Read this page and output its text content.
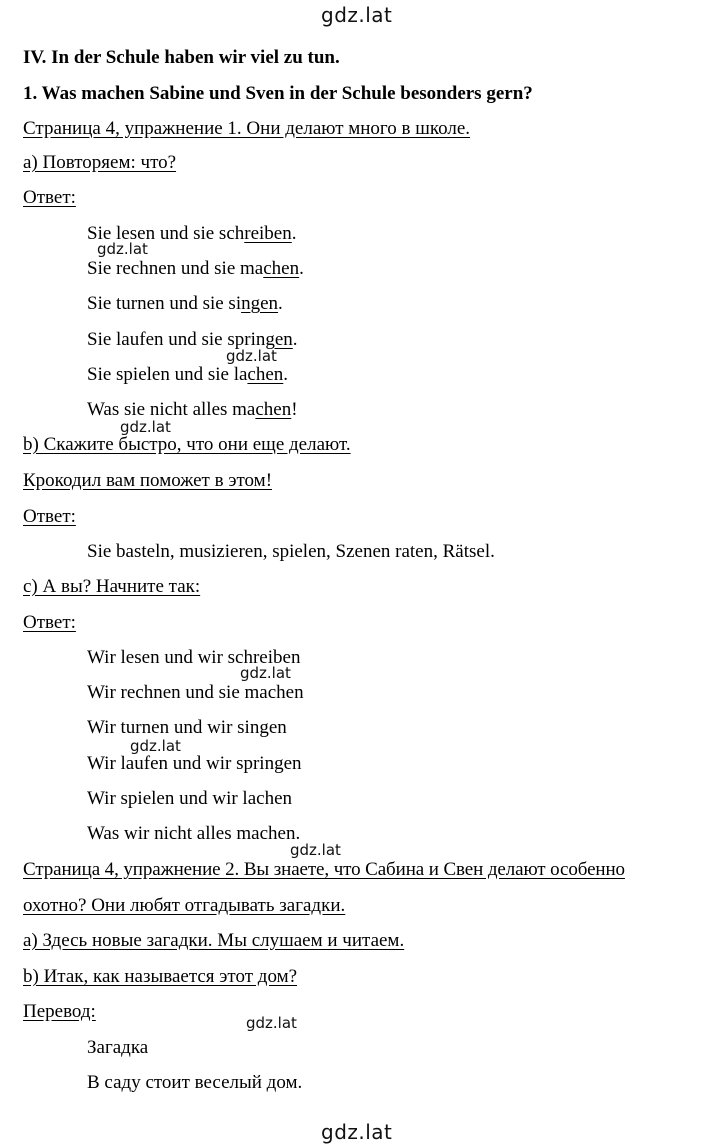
gdz.lat
gdz.lat
gdz.lat
gdz.lat
gdz.lat
gdz.lat
gdz.lat
gdz.lat
gdz.lat
IV. In der Schule haben wir viel zu tun.
1. Was machen Sabine und Sven in der Schule besonders gern?
Страница 4, упражнение 1. Они делают много в школе.
а) Повторяем: что?
Ответ:
Sie lesen und sie schreiben.
Sie rechnen und sie machen.
Sie turnen und sie singen.
Sie laufen und sie springen.
Sie spielen und sie lachen.
Was sie nicht alles machen!
b) Скажите быстро, что они еще делают.
Крокодил вам поможет в этом!
Ответ:
Sie basteln, musizieren, spielen, Szenen raten, Rätsel.
с) А вы? Начните так:
Ответ:
Wir lesen und wir schreiben
Wir rechnen und sie machen
Wir turnen und wir singen
Wir laufen und wir springen
Wir spielen und wir lachen
Was wir nicht alles machen.
Страница 4, упражнение 2. Вы знаете, что Сабина и Свен делают особенно
охотно? Они любят отгадывать загадки.
а) Здесь новые загадки. Мы слушаем и читаем.
b) Итак, как называется этот дом?
Перевод:
Загадка
В саду стоит веселый дом.
